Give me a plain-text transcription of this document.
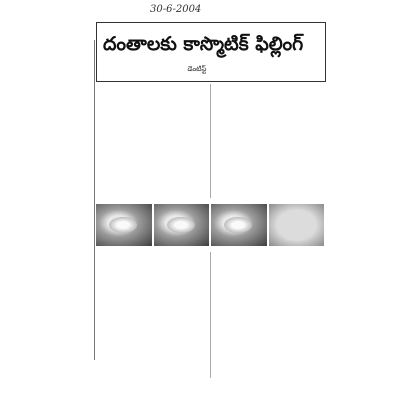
30-6-2004
దంతాలకు కాస్మొటిక్ ఫిల్లింగ్
డెంటిస్ట్
